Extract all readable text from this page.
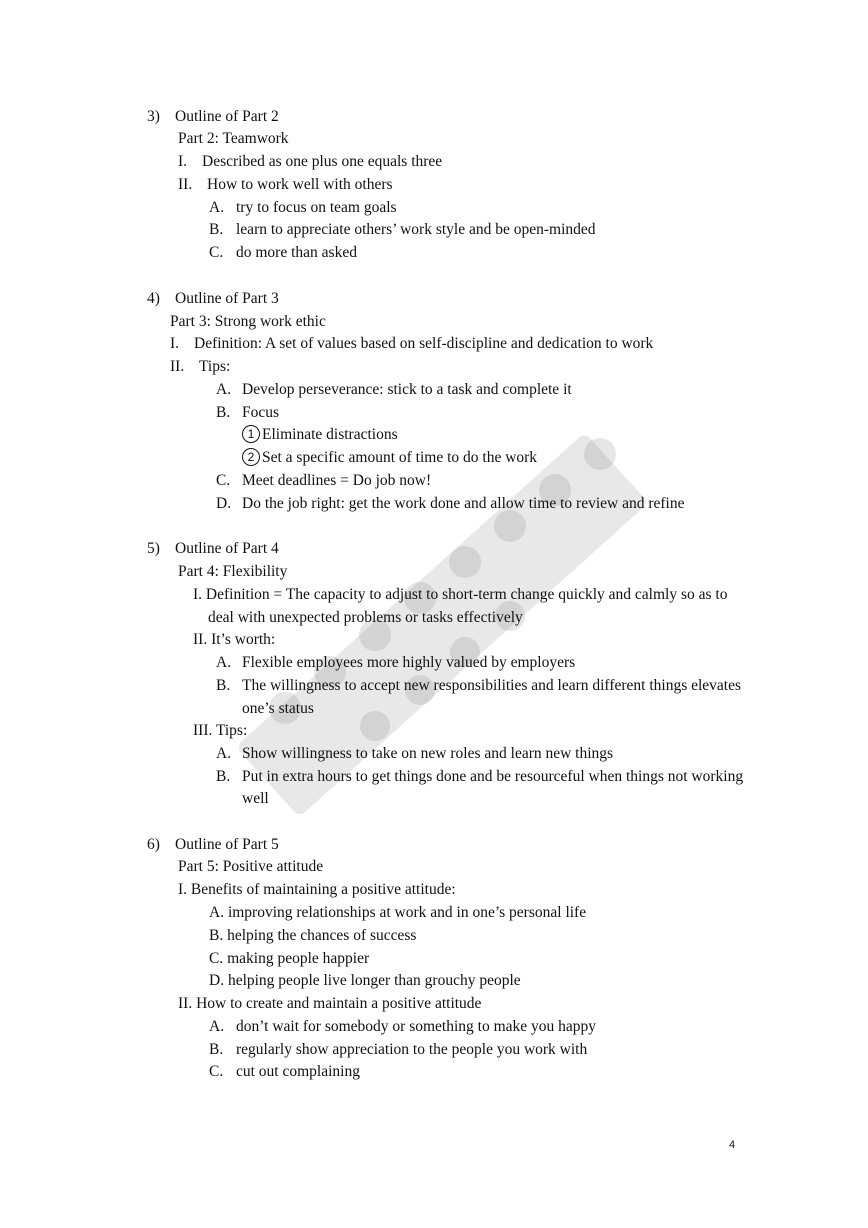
3) Outline of Part 2
Part 2: Teamwork
I. Described as one plus one equals three
II. How to work well with others
A. try to focus on team goals
B. learn to appreciate others’ work style and be open-minded
C. do more than asked
4) Outline of Part 3
Part 3: Strong work ethic
I. Definition: A set of values based on self-discipline and dedication to work
II. Tips:
A. Develop perseverance: stick to a task and complete it
B. Focus
1 Eliminate distractions
2 Set a specific amount of time to do the work
C. Meet deadlines = Do job now!
D. Do the job right: get the work done and allow time to review and refine
5) Outline of Part 4
Part 4: Flexibility
I. Definition = The capacity to adjust to short-term change quickly and calmly so as to
deal with unexpected problems or tasks effectively
II. It’s worth:
A. Flexible employees more highly valued by employers
B. The willingness to accept new responsibilities and learn different things elevates
one’s status
III. Tips:
A. Show willingness to take on new roles and learn new things
B. Put in extra hours to get things done and be resourceful when things not working
well
6) Outline of Part 5
Part 5: Positive attitude
I. Benefits of maintaining a positive attitude:
A. improving relationships at work and in one’s personal life
B. helping the chances of success
C. making people happier
D. helping people live longer than grouchy people
II. How to create and maintain a positive attitude
A. don’t wait for somebody or something to make you happy
B. regularly show appreciation to the people you work with
C. cut out complaining
4
